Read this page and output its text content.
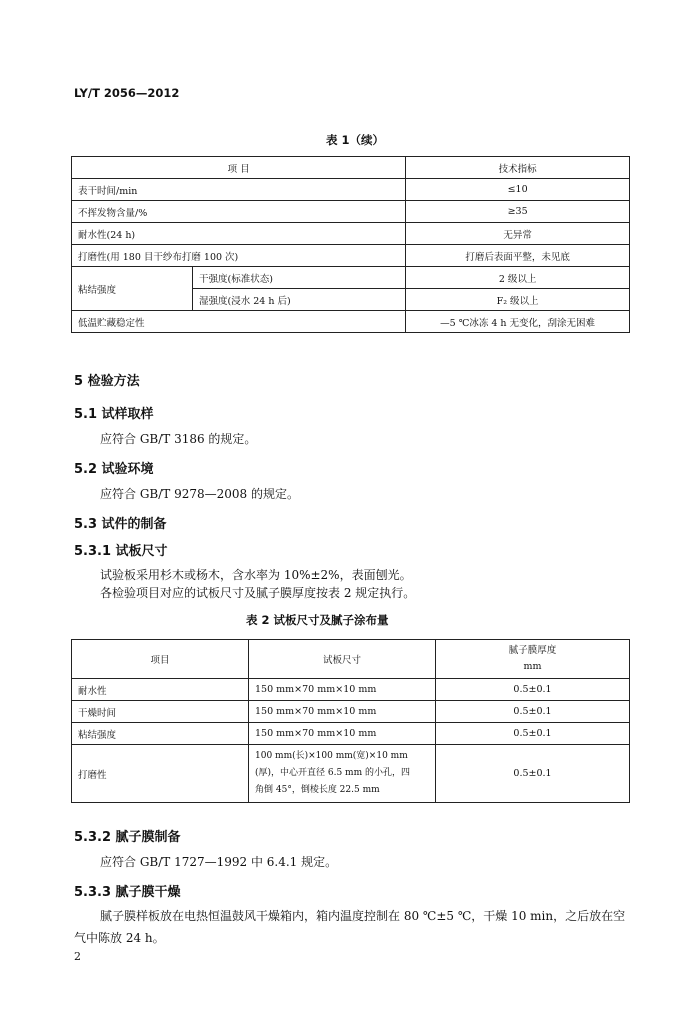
LY/T 2056—2012
表 1（续）
项 目		技术指标
表干时间/min		≤10
不挥发物含量/%		≥35
耐水性(24 h)		无异常
打磨性(用 180 目干纱布打磨 100 次)		打磨后表面平整，未见底
粘结强度	干强度(标准状态)	2 级以上
	湿强度(浸水 24 h 后)	F₂ 级以上
低温贮藏稳定性		—5 ℃冰冻 4 h 无变化，刮涂无困难
5 检验方法
5.1 试样取样
应符合 GB/T 3186 的规定。
5.2 试验环境
应符合 GB/T 9278—2008 的规定。
5.3 试件的制备
5.3.1 试板尺寸
试验板采用杉木或杨木，含水率为 10%±2%，表面刨光。
各检验项目对应的试板尺寸及腻子膜厚度按表 2 规定执行。
表 2 试板尺寸及腻子涂布量
项目	试板尺寸	腻子膜厚度
mm

耐水性	150 mm×70 mm×10 mm	0.5±0.1
干燥时间	150 mm×70 mm×10 mm	0.5±0.1
粘结强度	150 mm×70 mm×10 mm	0.5±0.1
打磨性	100 mm(长)×100 mm(宽)×10 mm
(厚)，中心开直径 6.5 mm 的小孔，四
角倒 45°，倒棱长度 22.5 mm	0.5±0.1
5.3.2 腻子膜制备
应符合 GB/T 1727—1992 中 6.4.1 规定。
5.3.3 腻子膜干燥
腻子膜样板放在电热恒温鼓风干燥箱内，箱内温度控制在 80 ℃±5 ℃，干燥 10 min，之后放在空气中陈放 24 h。
2
